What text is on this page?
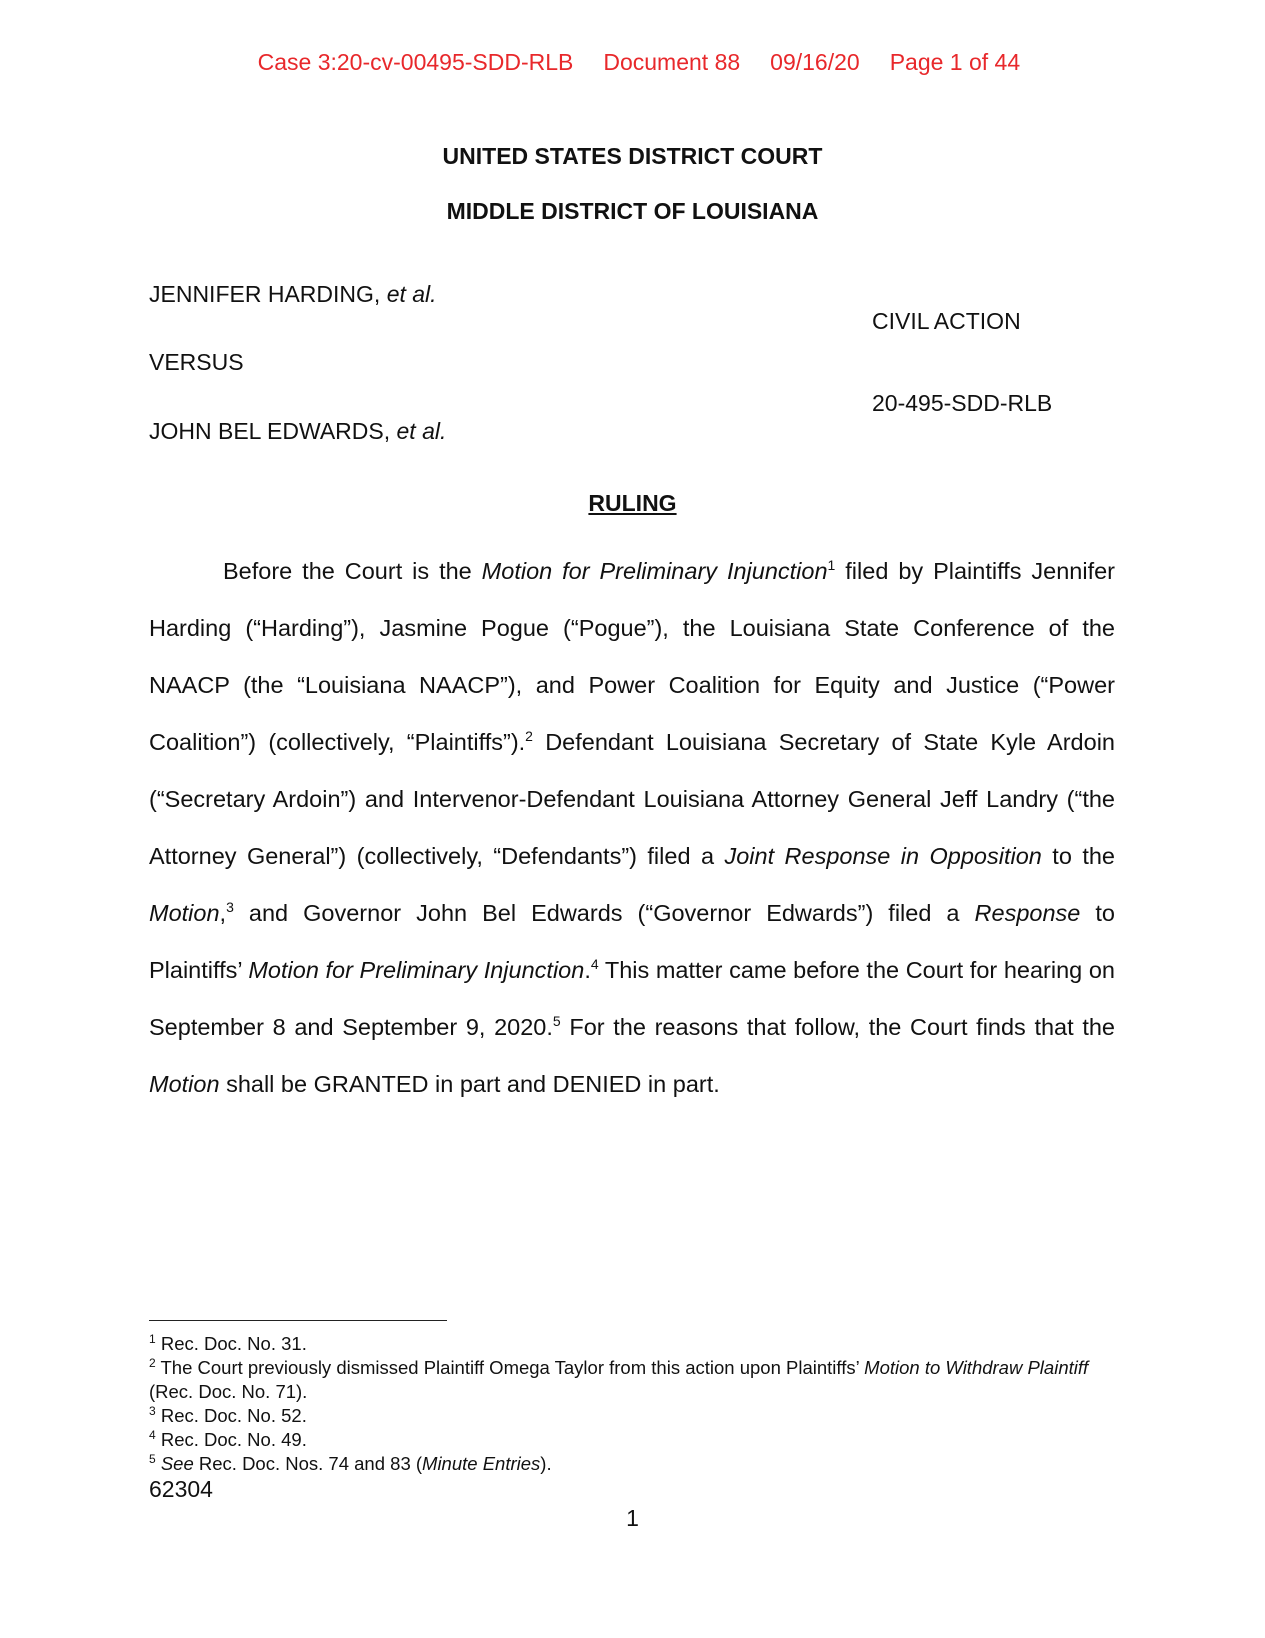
Case 3:20-cv-00495-SDD-RLB Document 88 09/16/20 Page 1 of 44

UNITED STATES DISTRICT COURT
MIDDLE DISTRICT OF LOUISIANA
JENNIFER HARDING, et al.
CIVIL ACTION
VERSUS
20-495-SDD-RLB
JOHN BEL EDWARDS, et al.
RULING

Before the Court is the Motion for Preliminary Injunction$^1$ filed by Plaintiffs Jennifer Harding (“Harding”), Jasmine Pogue (“Pogue”), the Louisiana State Conference of the NAACP (the “Louisiana NAACP”), and Power Coalition for Equity and Justice (“Power Coalition”) (collectively, “Plaintiffs”).$^2$ Defendant Louisiana Secretary of State Kyle Ardoin (“Secretary Ardoin”) and Intervenor-Defendant Louisiana Attorney General Jeff Landry (“the Attorney General”) (collectively, “Defendants”) filed a Joint Response in Opposition to the Motion,$^3$ and Governor John Bel Edwards (“Governor Edwards”) filed a Response to Plaintiffs’ Motion for Preliminary Injunction.$^4$ This matter came before the Court for hearing on September 8 and September 9, 2020.$^5$ For the reasons that follow, the Court finds that the Motion shall be GRANTED in part and DENIED in part.

$^1$ Rec. Doc. No. 31.

$^2$ The Court previously dismissed Plaintiff Omega Taylor from this action upon Plaintiffs’ Motion to Withdraw Plaintiff (Rec. Doc. No. 71).

$^3$ Rec. Doc. No. 52.

$^4$ Rec. Doc. No. 49.

$^5$ See Rec. Doc. Nos. 74 and 83 (Minute Entries).

62304
1
